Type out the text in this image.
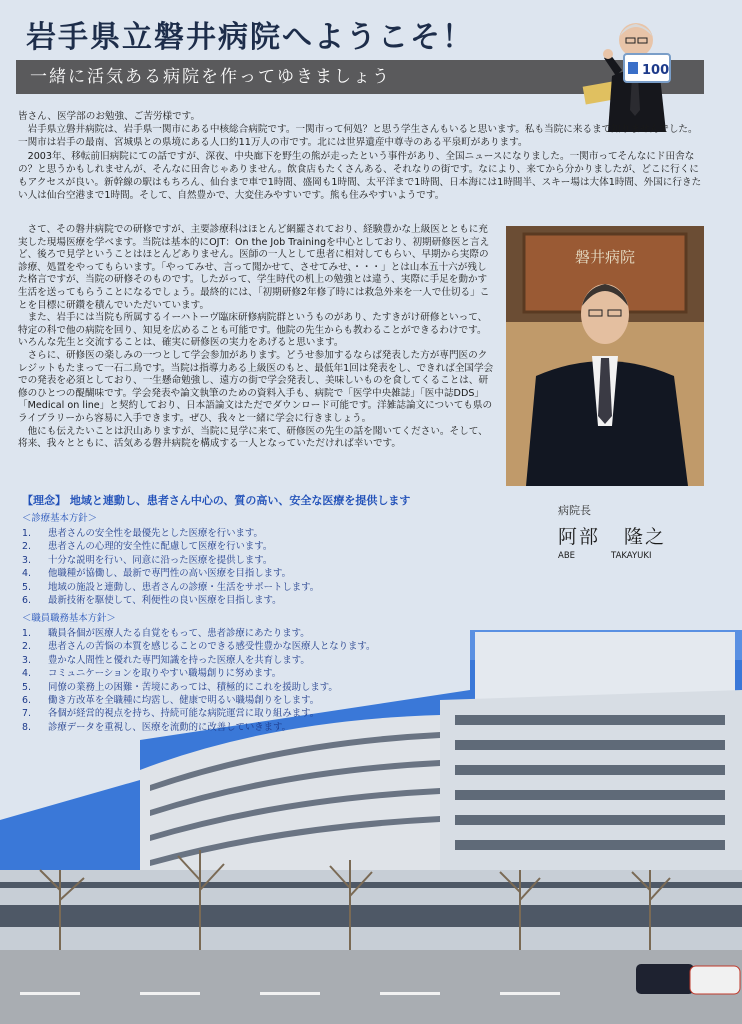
岩手県立磐井病院へようこそ！
一緒に活気ある病院を作ってゆきましょう	100

皆さん、医学部のお勉強、ご苦労様です。

岩手県立磐井病院は、岩手県一関市にある中核総合病院です。一関市って何処？と思う学生さんもいると思います。私も当院に来るまで知りませんでした。一関市は岩手の最南、宮城県との県境にある人口約11万人の市です。北には世界遺産中尊寺のある平泉町があります。

2003年、移転前旧病院にての話ですが、深夜、中央廊下を野生の熊が走ったという事件があり、全国ニュースになりました。一関市ってそんなにド田舎なの？と思うかもしれませんが、そんなに田舎じゃありません。飲食店もたくさんある、それなりの街です。なにより、来てから分かりましたが、どこに行くにもアクセスが良い。新幹線の駅はもちろん、仙台まで車で1時間、盛岡も1時間、太平洋まで1時間、日本海には1時間半、スキー場は大体1時間、外国に行きたい人は仙台空港まで1時間。そして、自然豊かで、大変住みやすいです。熊も住みやすいようです。

さて、その磐井病院での研修ですが、主要診療科はほとんど網羅されており、経験豊かな上級医とともに充実した現場医療を学べます。当院は基本的にOJT：On the Job Trainingを中心としており、初期研修医と言えど、後ろで見学ということはほとんどありません。医師の一人として患者に相対してもらい、早期から実際の診療、処置をやってもらいます。「やってみせ、言って聞かせて、させてみせ、・・・」とは山本五十六が残した格言ですが、当院の研修そのものです。したがって、学生時代の机上の勉強とは違う、実際に手足を動かす生活を送ってもらうことになるでしょう。最終的には、「初期研修2年修了時には救急外来を一人で仕切る」ことを目標に研鑽を積んでいただいています。

また、岩手には当院も所属するイーハトーヴ臨床研修病院群というものがあり、たすきがけ研修といって、特定の科で他の病院を回り、知見を広めることも可能です。他院の先生からも教わることができるわけです。いろんな先生と交流することは、確実に研修医の実力をあげると思います。

さらに、研修医の楽しみの一つとして学会参加があります。どうせ参加するならば発表した方が専門医のクレジットもたまって一石二鳥です。当院は指導力ある上級医のもと、最低年1回は発表をし、できれば全国学会での発表を必須としており、一生懸命勉強し、遠方の街で学会発表し、美味しいものを食してくることは、研修のひとつの醍醐味です。学会発表や論文執筆のための資料入手も、病院で「医学中央雑誌」「医中誌DDS」「Medical on line」と契約しており、日本語論文はただでダウンロード可能です。洋雑誌論文についても県のライブラリーから容易に入手できます。ぜひ、我々と一緒に学会に行きましょう。

他にも伝えたいことは沢山ありますが、当院に見学に来て、研修医の先生の話を聞いてください。そして、将来、我々とともに、活気ある磐井病院を構成する一人となっていただければ幸いです。

磐井病院
病院長
阿部 隆之
ABE	TAKAYUKI
【理念】 地域と連動し、患者さん中心の、質の高い、安全な医療を提供します
＜診療基本方針＞
1.	患者さんの安全性を最優先とした医療を行います。
2.	患者さんの心理的安全性に配慮して医療を行います。
3.	十分な説明を行い、同意に沿った医療を提供します。
4.	他職種が協働し、最新で専門性の高い医療を目指します。
5.	地域の施設と連動し、患者さんの診療・生活をサポートします。
6.	最新技術を駆使して、利便性の良い医療を目指します。
＜職員職務基本方針＞
1.	職員各個が医療人たる自覚をもって、患者診療にあたります。
2.	患者さんの苦悩の本質を感じることのできる感受性豊かな医療人となります。
3.	豊かな人間性と優れた専門知識を持った医療人を共育します。
4.	コミュニケーションを取りやすい職場創りに努めます。
5.	同僚の業務上の困難・苦境にあっては、積極的にこれを援助します。
6.	働き方改革を全職種に均霑し、健康で明るい職場創りをします。
7.	各個が経営的視点を持ち、持続可能な病院運営に取り組みます。
8.	診療データを重視し、医療を流動的に改善していきます。
